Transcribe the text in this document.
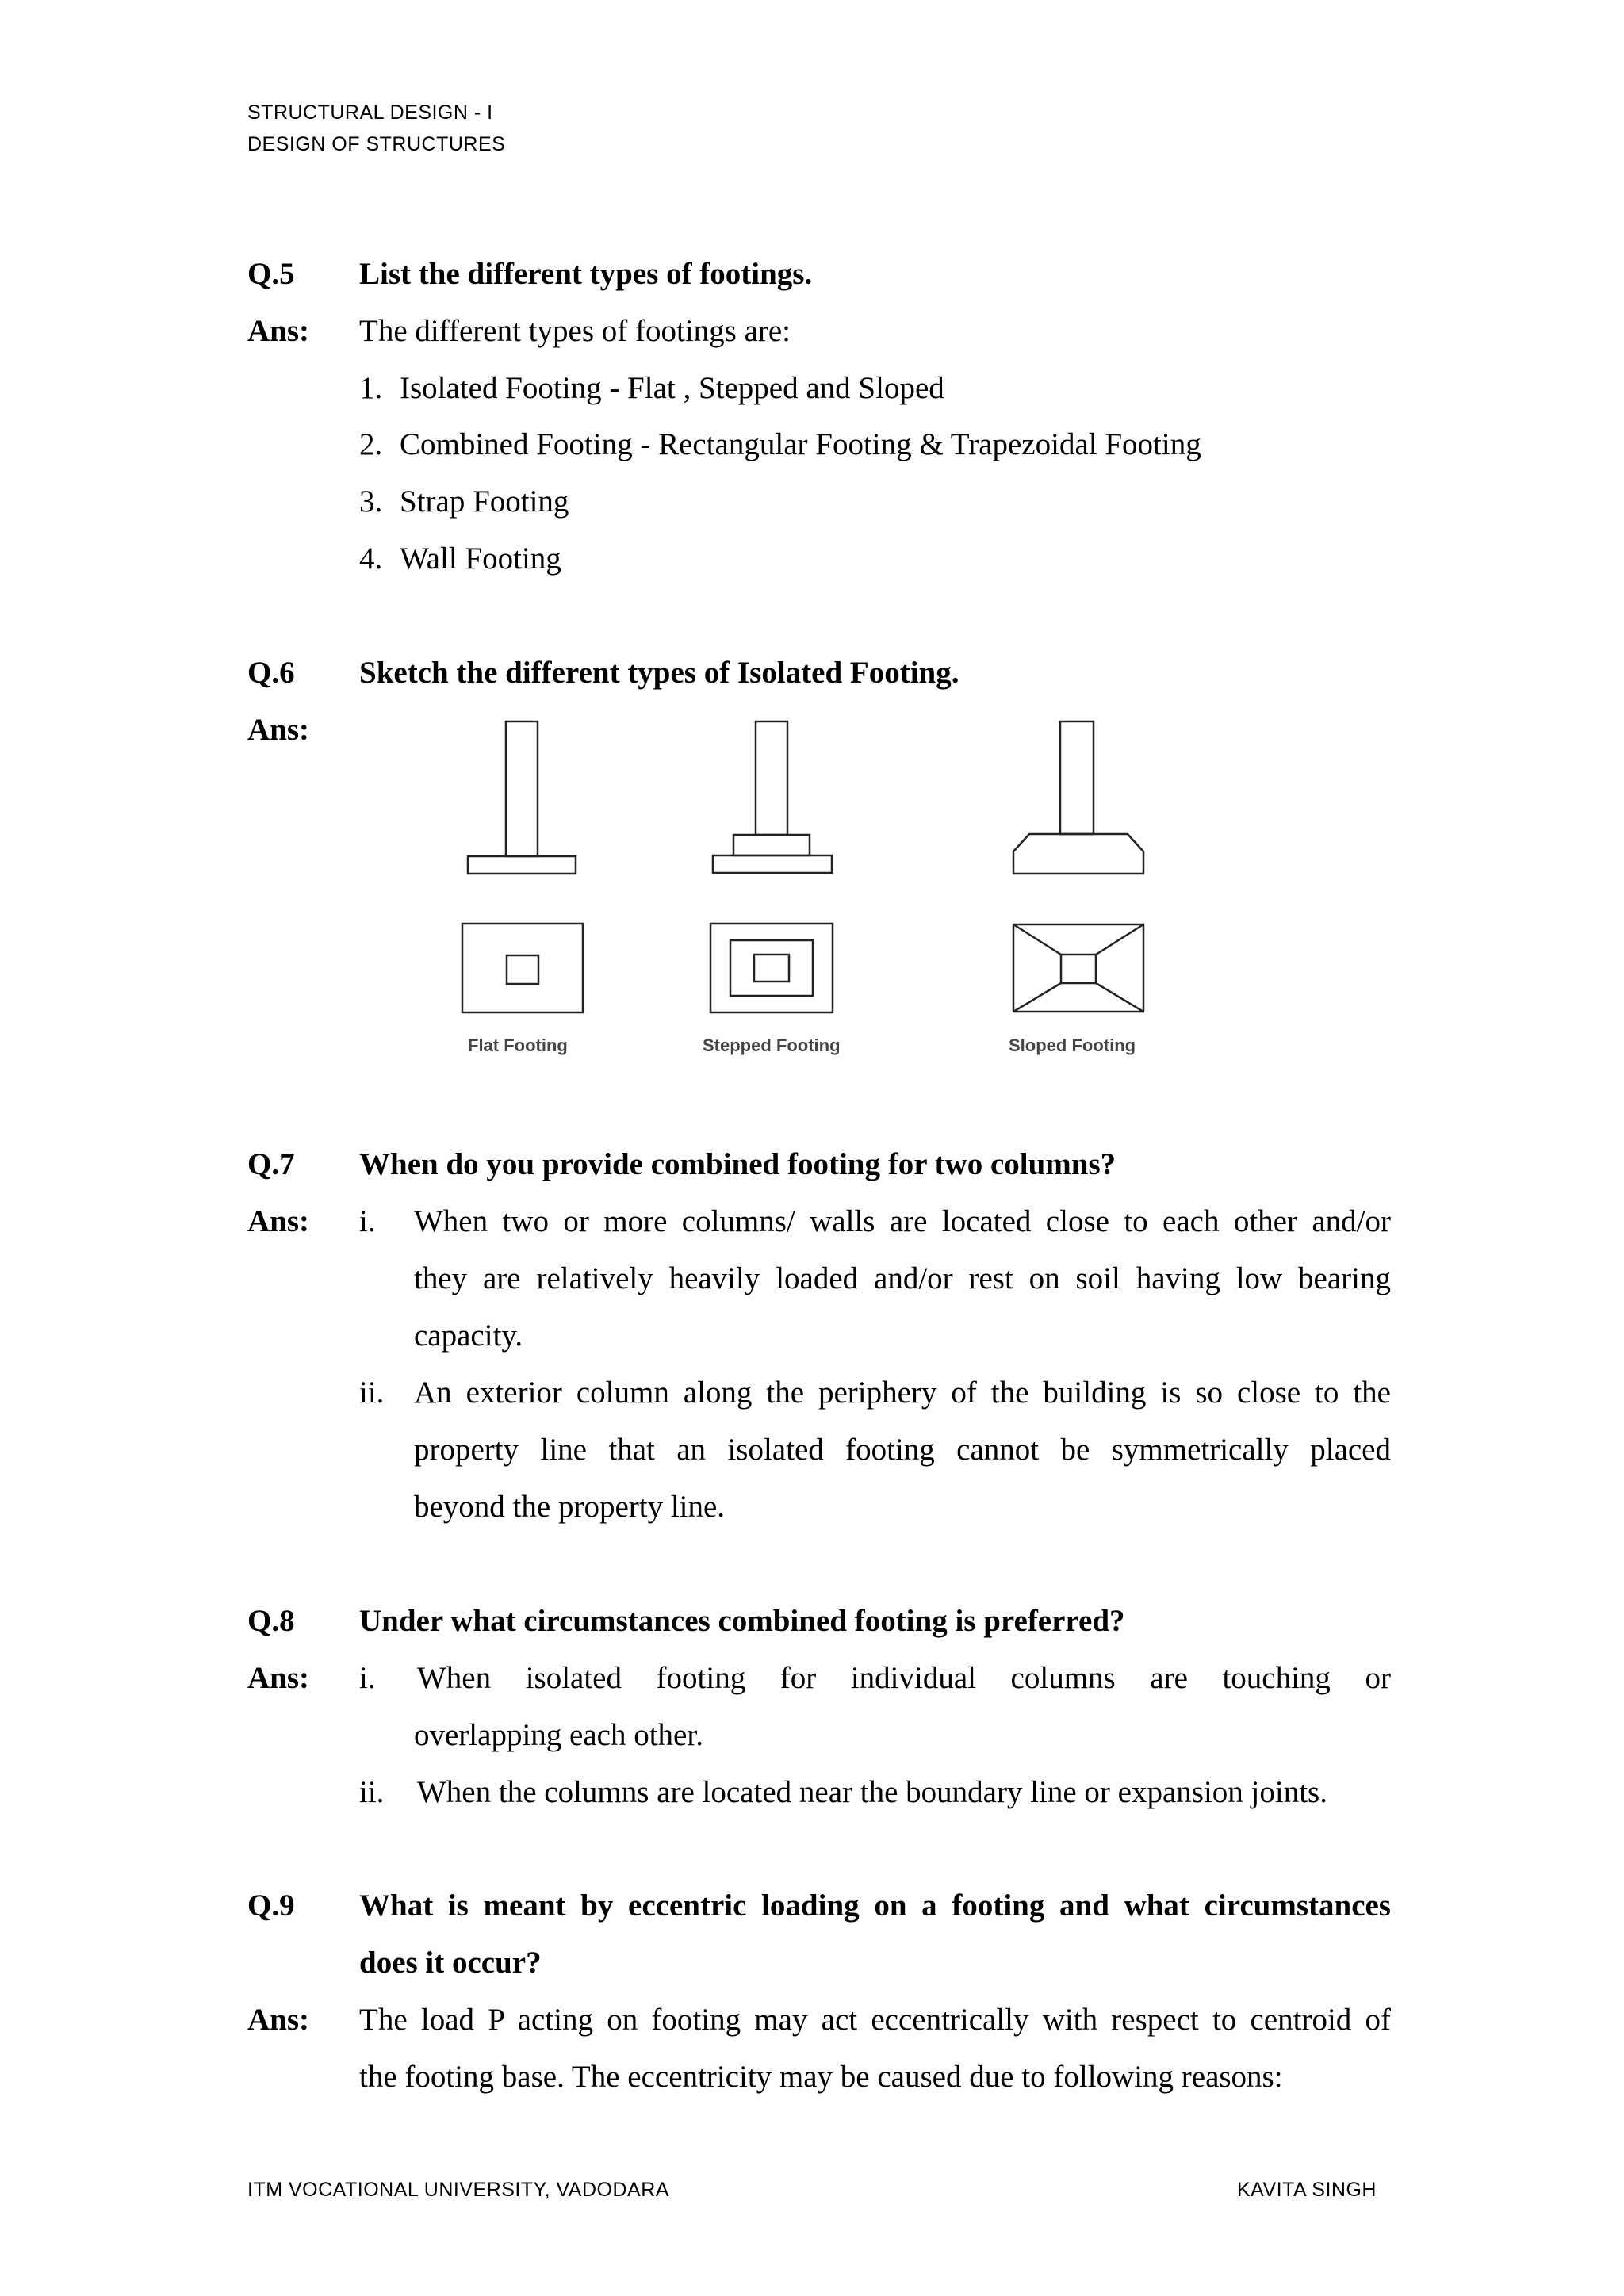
STRUCTURAL DESIGN - I
DESIGN OF STRUCTURES
Q.5 List the different types of footings.
Ans: The different types of footings are:
1. Isolated Footing - Flat , Stepped and Sloped
2. Combined Footing - Rectangular Footing & Trapezoidal Footing
3. Strap Footing
4. Wall Footing
Q.6 Sketch the different types of Isolated Footing.
Ans:
Flat Footing	Stepped Footing	Sloped Footing
Q.7 When do you provide combined footing for two columns?
Ans: i. When two or more columns/ walls are located close to each other and/or
they are relatively heavily loaded and/or rest on soil having low bearing
capacity.
ii. An exterior column along the periphery of the building is so close to the
property line that an isolated footing cannot be symmetrically placed
beyond the property line.
Q.8 Under what circumstances combined footing is preferred?
Ans: i. When isolated footing for individual columns are touching or
overlapping each other.
ii. When the columns are located near the boundary line or expansion joints.
Q.9 What is meant by eccentric loading on a footing and what circumstances
does it occur?
Ans: The load P acting on footing may act eccentrically with respect to centroid of
the footing base. The eccentricity may be caused due to following reasons:
ITM VOCATIONAL UNIVERSITY, VADODARA	KAVITA SINGH
